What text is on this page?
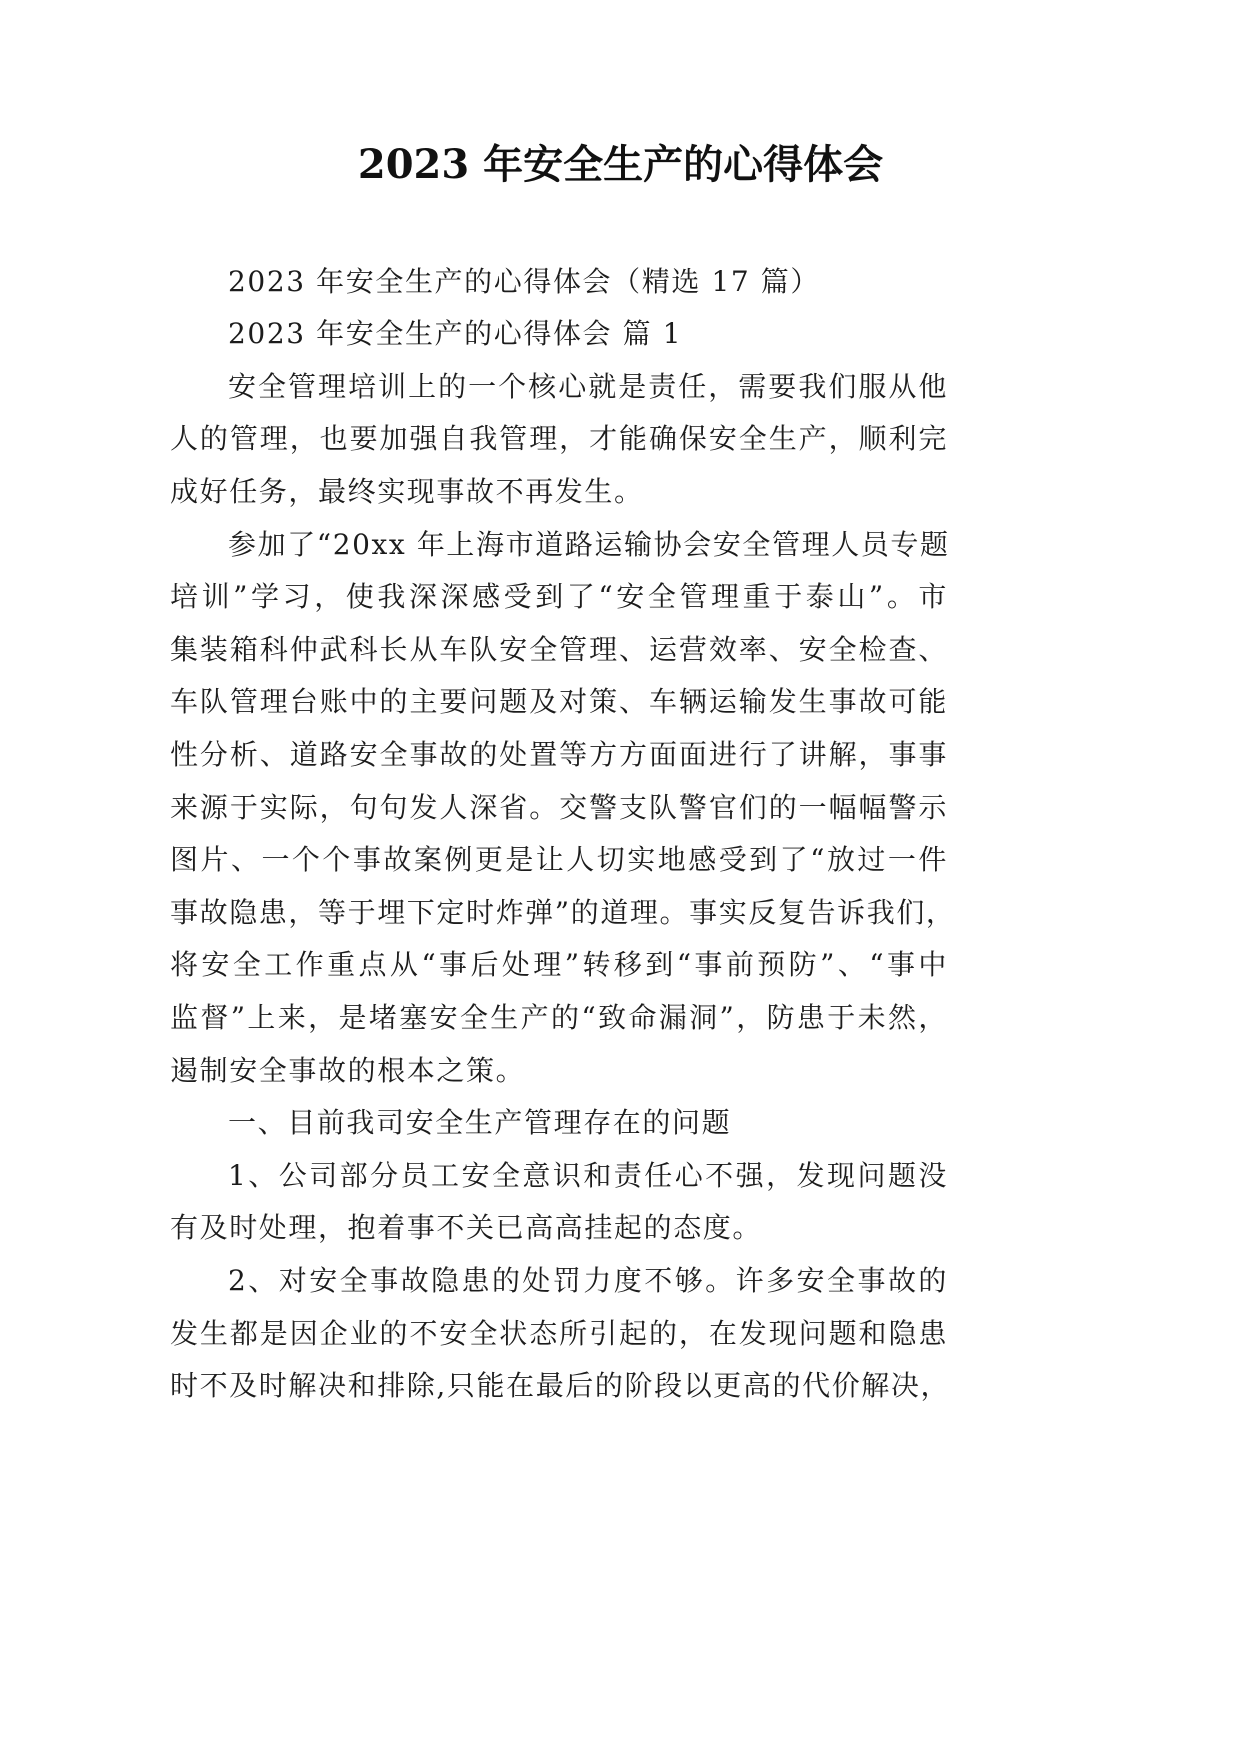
2023 年安全生产的心得体会
2023 年安全生产的心得体会（精选 17 篇）
2023 年安全生产的心得体会 篇 1
安全管理培训上的一个核心就是责任，需要我们服从他
人的管理，也要加强自我管理，才能确保安全生产，顺利完
成好任务，最终实现事故不再发生。
参加了“20xx 年上海市道路运输协会安全管理人员专题
培训”学习，使我深深感受到了“安全管理重于泰山”。市
集装箱科仲武科长从车队安全管理、运营效率、安全检查、
车队管理台账中的主要问题及对策、车辆运输发生事故可能
性分析、道路安全事故的处置等方方面面进行了讲解，事事
来源于实际，句句发人深省。交警支队警官们的一幅幅警示
图片、一个个事故案例更是让人切实地感受到了“放过一件
事故隐患，等于埋下定时炸弹”的道理。事实反复告诉我们，
将安全工作重点从“事后处理”转移到“事前预防”、“事中
监督”上来，是堵塞安全生产的“致命漏洞”，防患于未然，
遏制安全事故的根本之策。
一、目前我司安全生产管理存在的问题
1、公司部分员工安全意识和责任心不强，发现问题没
有及时处理，抱着事不关已高高挂起的态度。
2、对安全事故隐患的处罚力度不够。许多安全事故的
发生都是因企业的不安全状态所引起的，在发现问题和隐患
时不及时解决和排除,只能在最后的阶段以更高的代价解决，
